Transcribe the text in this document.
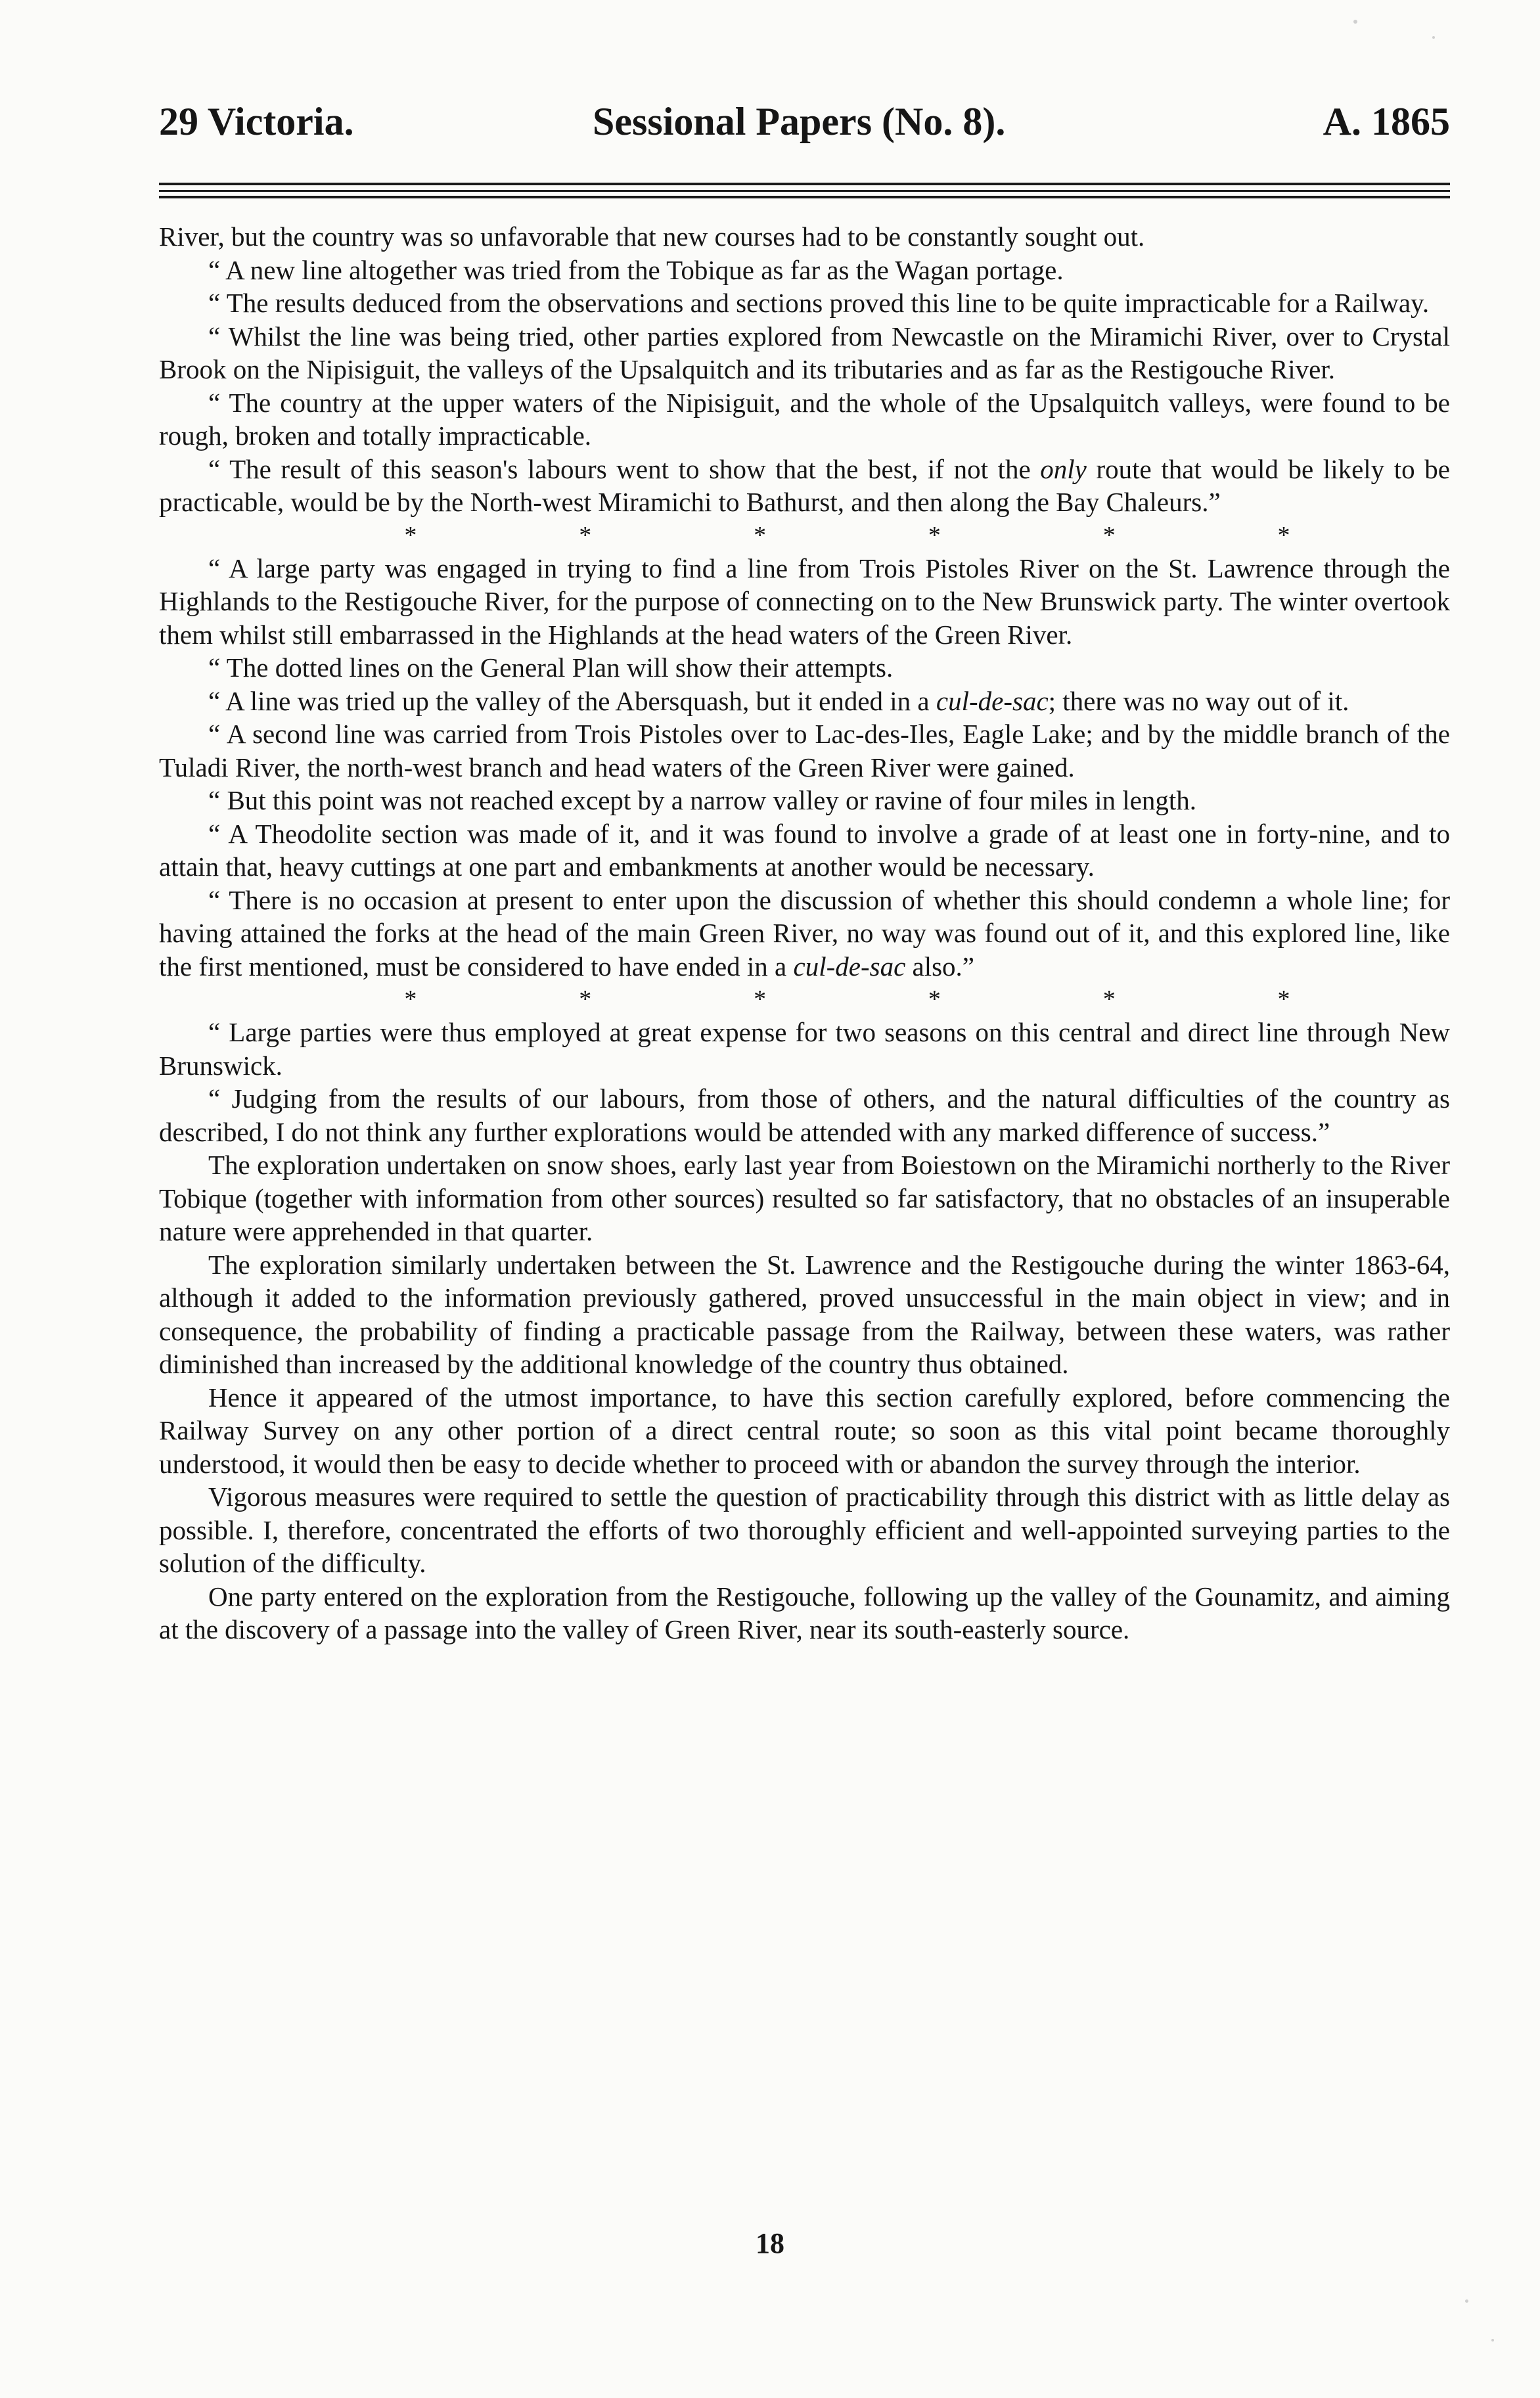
29 Victoria.	Sessional Papers (No. 8).	A. 1865

River, but the country was so unfavorable that new courses had to be constantly sought out.

“ A new line altogether was tried from the Tobique as far as the Wagan portage.

“ The results deduced from the observations and sections proved this line to be quite impracticable for a Railway.

“ Whilst the line was being tried, other parties explored from Newcastle on the Miramichi River, over to Crystal Brook on the Nipisiguit, the valleys of the Upsalquitch and its tributaries and as far as the Restigouche River.

“ The country at the upper waters of the Nipisiguit, and the whole of the Upsalquitch valleys, were found to be rough, broken and totally impracticable.

“ The result of this season's labours went to show that the best, if not the only route that would be likely to be practicable, would be by the North-west Miramichi to Bathurst, and then along the Bay Chaleurs.”

*	*	*	*	*	*

“ A large party was engaged in trying to find a line from Trois Pistoles River on the St. Lawrence through the Highlands to the Restigouche River, for the purpose of connecting on to the New Brunswick party. The winter overtook them whilst still embarrassed in the Highlands at the head waters of the Green River.

“ The dotted lines on the General Plan will show their attempts.

“ A line was tried up the valley of the Abersquash, but it ended in a cul-de-sac; there was no way out of it.

“ A second line was carried from Trois Pistoles over to Lac-des-Iles, Eagle Lake; and by the middle branch of the Tuladi River, the north-west branch and head waters of the Green River were gained.

“ But this point was not reached except by a narrow valley or ravine of four miles in length.

“ A Theodolite section was made of it, and it was found to involve a grade of at least one in forty-nine, and to attain that, heavy cuttings at one part and embankments at another would be necessary.

“ There is no occasion at present to enter upon the discussion of whether this should condemn a whole line; for having attained the forks at the head of the main Green River, no way was found out of it, and this explored line, like the first mentioned, must be considered to have ended in a cul-de-sac also.”

*	*	*	*	*	*

“ Large parties were thus employed at great expense for two seasons on this central and direct line through New Brunswick.

“ Judging from the results of our labours, from those of others, and the natural difficulties of the country as described, I do not think any further explorations would be attended with any marked difference of success.”

The exploration undertaken on snow shoes, early last year from Boiestown on the Miramichi northerly to the River Tobique (together with information from other sources) resulted so far satisfactory, that no obstacles of an insuperable nature were apprehended in that quarter.

The exploration similarly undertaken between the St. Lawrence and the Restigouche during the winter 1863-64, although it added to the information previously gathered, proved unsuccessful in the main object in view; and in consequence, the probability of finding a practicable passage from the Railway, between these waters, was rather diminished than increased by the additional knowledge of the country thus obtained.

Hence it appeared of the utmost importance, to have this section carefully explored, before commencing the Railway Survey on any other portion of a direct central route; so soon as this vital point became thoroughly understood, it would then be easy to decide whether to proceed with or abandon the survey through the interior.

Vigorous measures were required to settle the question of practicability through this district with as little delay as possible. I, therefore, concentrated the efforts of two thoroughly efficient and well-appointed surveying parties to the solution of the difficulty.

One party entered on the exploration from the Restigouche, following up the valley of the Gounamitz, and aiming at the discovery of a passage into the valley of Green River, near its south-easterly source.

18
